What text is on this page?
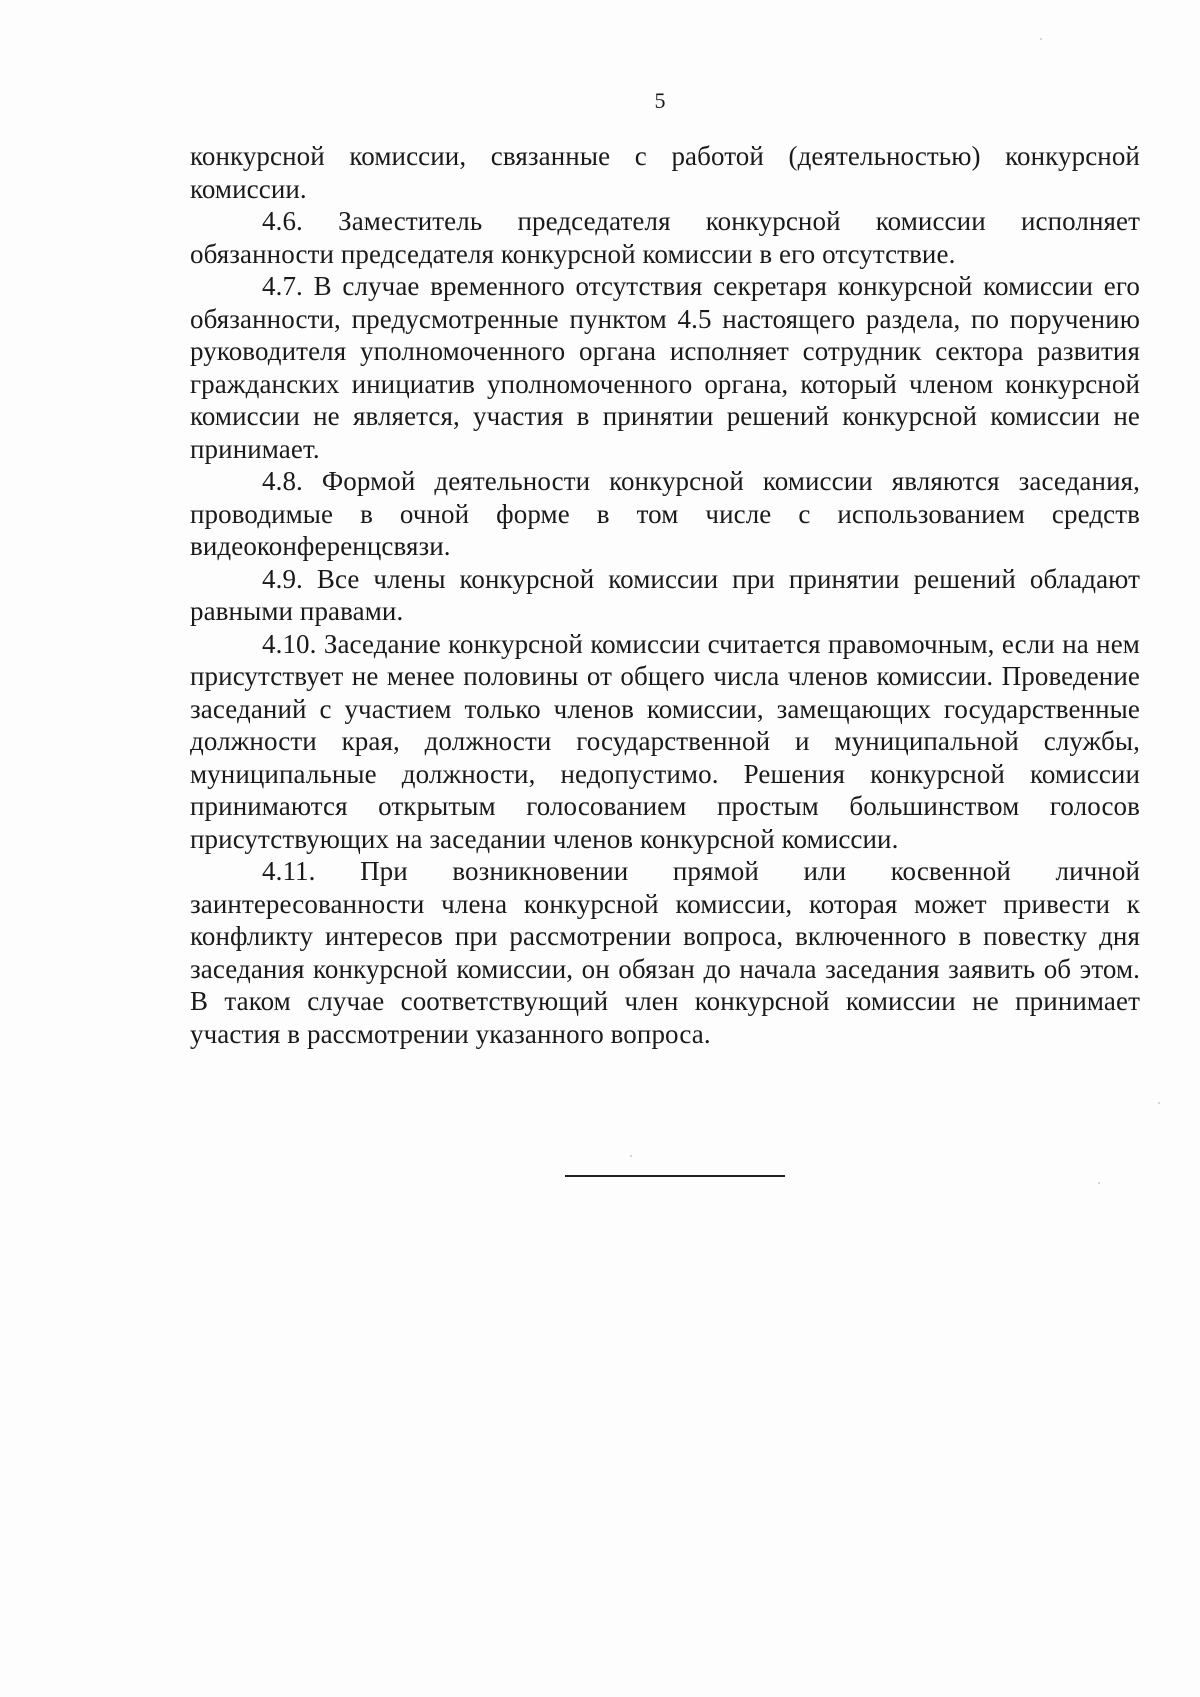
5

конкурсной комиссии, связанные с работой (деятельностью) конкурсной комиссии.

4.6. Заместитель председателя конкурсной комиссии исполняет обязанности председателя конкурсной комиссии в его отсутствие.

4.7. В случае временного отсутствия секретаря конкурсной комиссии его обязанности, предусмотренные пунктом 4.5 настоящего раздела, по поручению руководителя уполномоченного органа исполняет сотрудник сектора развития гражданских инициатив уполномоченного органа, который членом конкурсной комиссии не является, участия в принятии решений конкурсной комиссии не принимает.

4.8. Формой деятельности конкурсной комиссии являются заседания, проводимые в очной форме в том числе с использованием средств видеоконференцсвязи.

4.9. Все члены конкурсной комиссии при принятии решений обладают равными правами.

4.10. Заседание конкурсной комиссии считается правомочным, если на нем присутствует не менее половины от общего числа членов комиссии. Проведение заседаний с участием только членов комиссии, замещающих государственные должности края, должности государственной и муниципальной службы, муниципальные должности, недопустимо. Решения конкурсной комиссии принимаются открытым голосованием простым большинством голосов присутствующих на заседании членов конкурсной комиссии.

4.11. При возникновении прямой или косвенной личной заинтересованности члена конкурсной комиссии, которая может привести к конфликту интересов при рассмотрении вопроса, включенного в повестку дня заседания конкурсной комиссии, он обязан до начала заседания заявить об этом. В таком случае соответствующий член конкурсной комиссии не принимает участия в рассмотрении указанного вопроса.
